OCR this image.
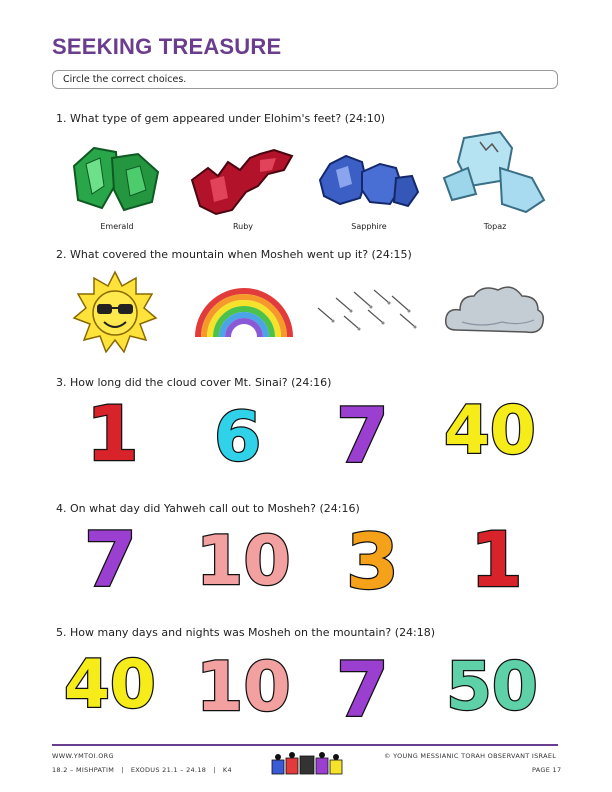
SEEKING TREASURE
Circle the correct choices.
1. What type of gem appeared under Elohim's feet? (24:10)
Emerald	Ruby	Sapphire	Topaz
2. What covered the mountain when Mosheh went up it? (24:15)
3. How long did the cloud cover Mt. Sinai? (24:16)
1 6 7 40
4. On what day did Yahweh call out to Mosheh? (24:16)
7 10 3 1
5. How many days and nights was Mosheh on the mountain? (24:18)
40 10 7 50
WWW.YMTOI.ORG
18.2 – MISHPATIM   |   EXODUS 21.1 – 24.18   |   K4
© YOUNG MESSIANIC TORAH OBSERVANT ISRAEL
PAGE 17
